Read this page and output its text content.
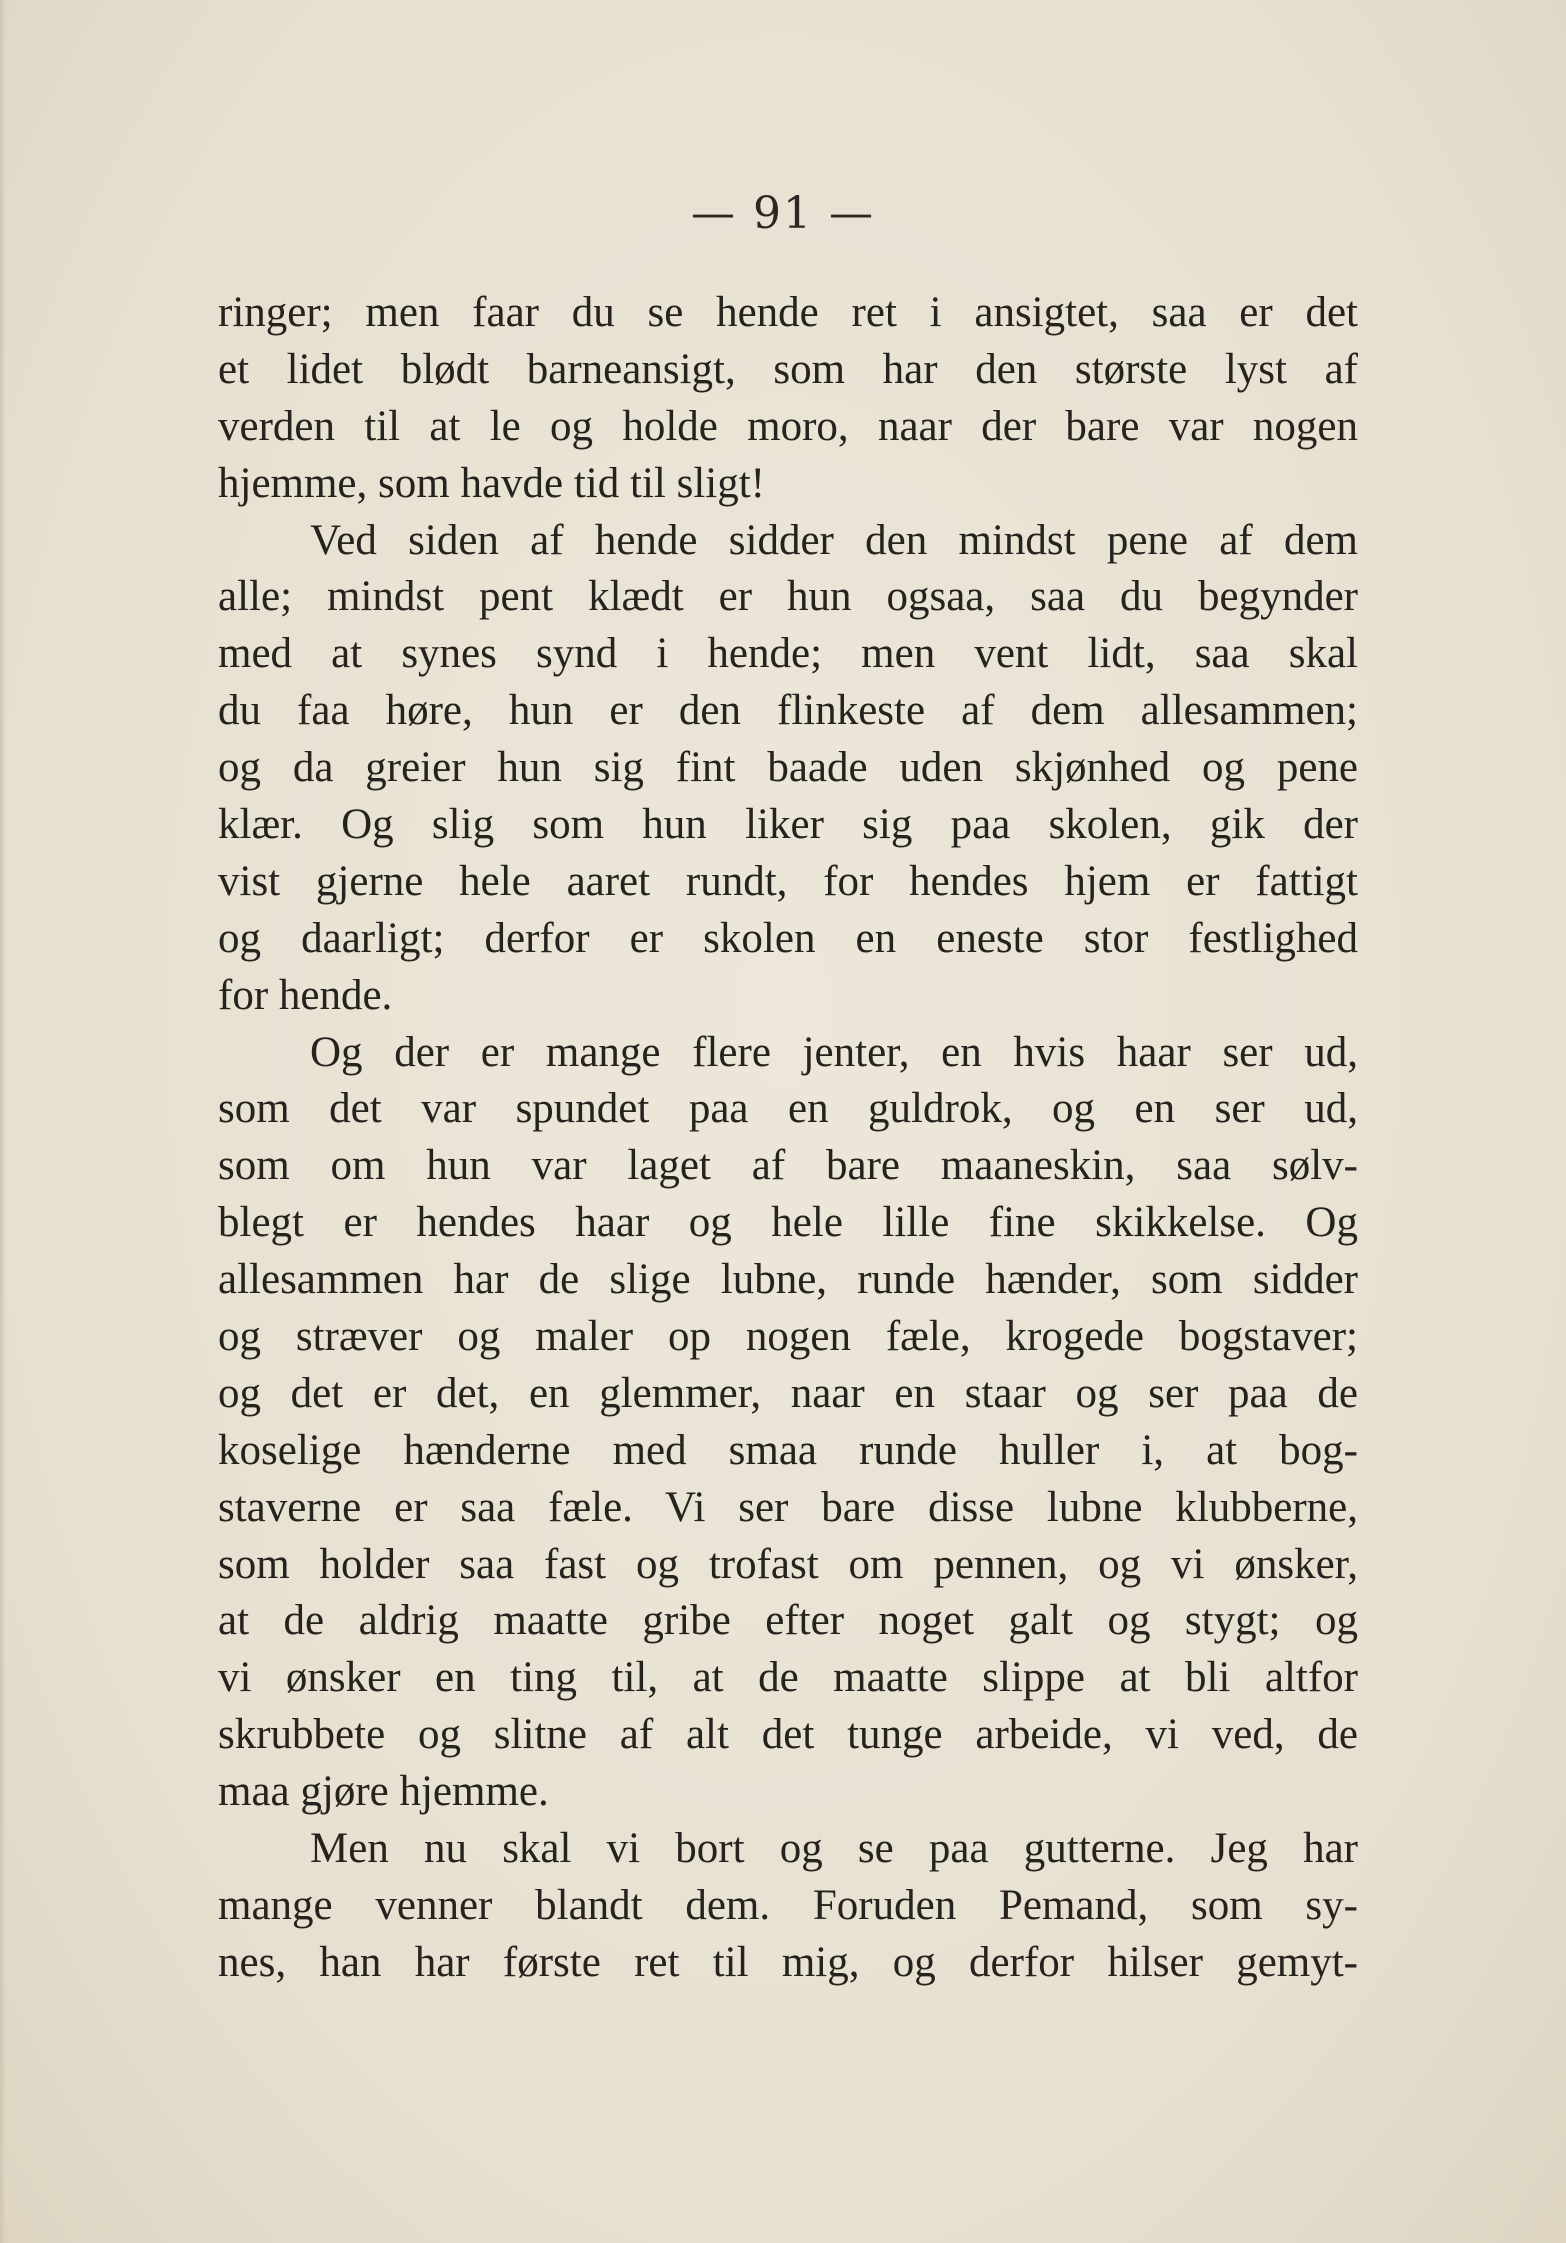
— 91 —
ringer; men faar du se hende ret i ansigtet, saa er det
et lidet blødt barneansigt, som har den største lyst af
verden til at le og holde moro, naar der bare var nogen
hjemme, som havde tid til sligt!
Ved siden af hende sidder den mindst pene af dem
alle; mindst pent klædt er hun ogsaa, saa du begynder
med at synes synd i hende; men vent lidt, saa skal
du faa høre, hun er den flinkeste af dem allesammen;
og da greier hun sig fint baade uden skjønhed og pene
klær. Og slig som hun liker sig paa skolen, gik der
vist gjerne hele aaret rundt, for hendes hjem er fattigt
og daarligt; derfor er skolen en eneste stor festlighed
for hende.
Og der er mange flere jenter, en hvis haar ser ud,
som det var spundet paa en guldrok, og en ser ud,
som om hun var laget af bare maaneskin, saa sølv-
blegt er hendes haar og hele lille fine skikkelse. Og
allesammen har de slige lubne, runde hænder, som sidder
og stræver og maler op nogen fæle, krogede bogstaver;
og det er det, en glemmer, naar en staar og ser paa de
koselige hænderne med smaa runde huller i, at bog-
staverne er saa fæle. Vi ser bare disse lubne klubberne,
som holder saa fast og trofast om pennen, og vi ønsker,
at de aldrig maatte gribe efter noget galt og stygt; og
vi ønsker en ting til, at de maatte slippe at bli altfor
skrubbete og slitne af alt det tunge arbeide, vi ved, de
maa gjøre hjemme.
Men nu skal vi bort og se paa gutterne. Jeg har
mange venner blandt dem. Foruden Pemand, som sy-
nes, han har første ret til mig, og derfor hilser gemyt-
